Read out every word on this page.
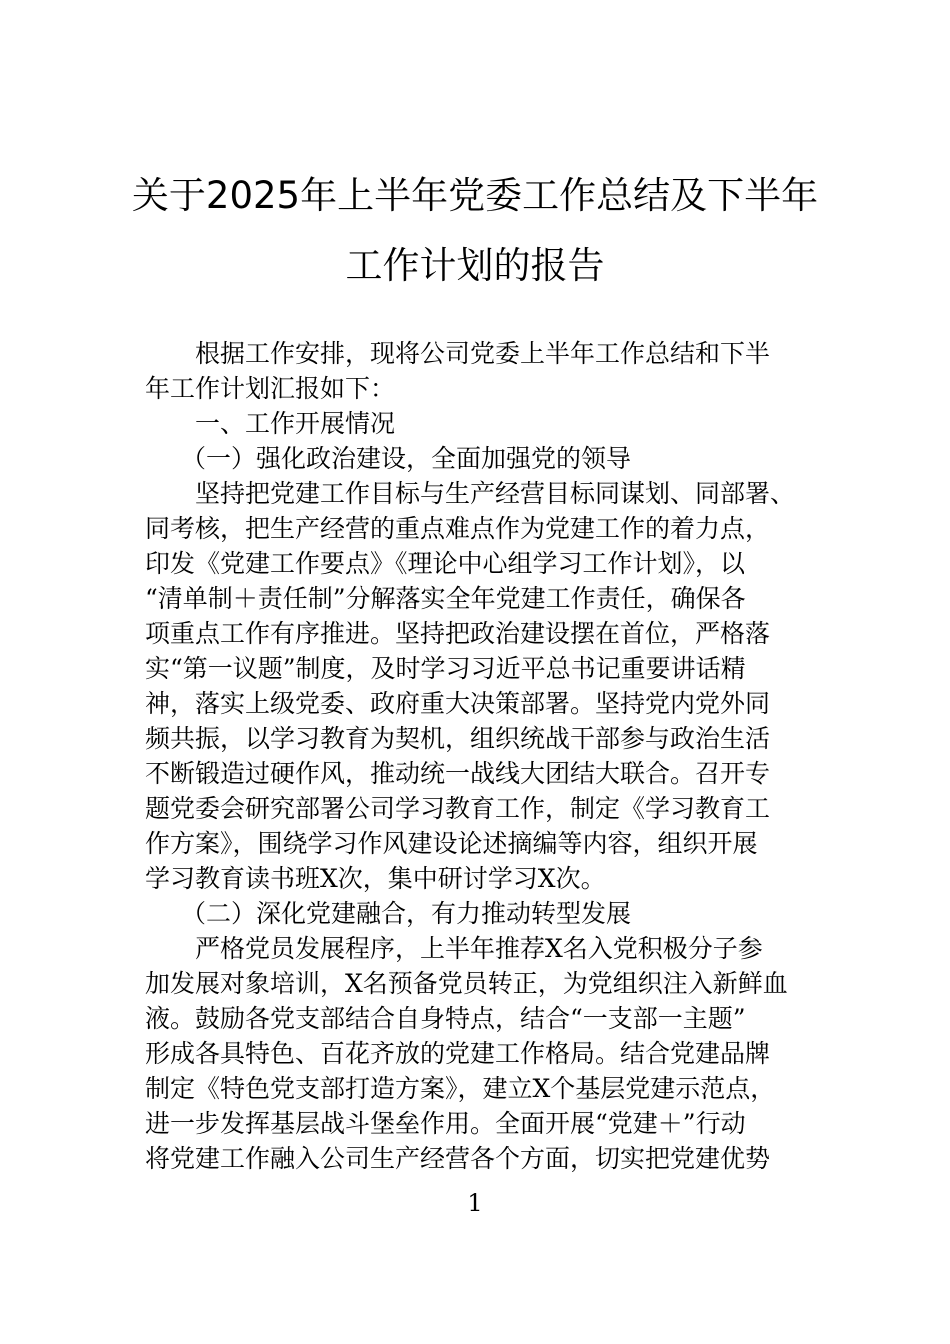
关于2025年上半年党委工作总结及下半年
工作计划的报告

根据工作安排，现将公司党委上半年工作总结和下半
年工作计划汇报如下：

一、工作开展情况

（一）强化政治建设，全面加强党的领导

坚持把党建工作目标与生产经营目标同谋划、同部署、
同考核，把生产经营的重点难点作为党建工作的着力点，
印发《党建工作要点》《理论中心组学习工作计划》，以
“清单制＋责任制”分解落实全年党建工作责任，确保各
项重点工作有序推进。坚持把政治建设摆在首位，严格落
实“第一议题”制度，及时学习习近平总书记重要讲话精
神，落实上级党委、政府重大决策部署。坚持党内党外同
频共振，以学习教育为契机，组织统战干部参与政治生活
不断锻造过硬作风，推动统一战线大团结大联合。召开专
题党委会研究部署公司学习教育工作，制定《学习教育工
作方案》，围绕学习作风建设论述摘编等内容，组织开展
学习教育读书班X次，集中研讨学习X次。

（二）深化党建融合，有力推动转型发展

严格党员发展程序，上半年推荐X名入党积极分子参
加发展对象培训，X名预备党员转正，为党组织注入新鲜血
液。鼓励各党支部结合自身特点，结合“一支部一主题”
形成各具特色、百花齐放的党建工作格局。结合党建品牌
制定《特色党支部打造方案》，建立X个基层党建示范点，
进一步发挥基层战斗堡垒作用。全面开展“党建＋”行动
将党建工作融入公司生产经营各个方面，切实把党建优势

1
